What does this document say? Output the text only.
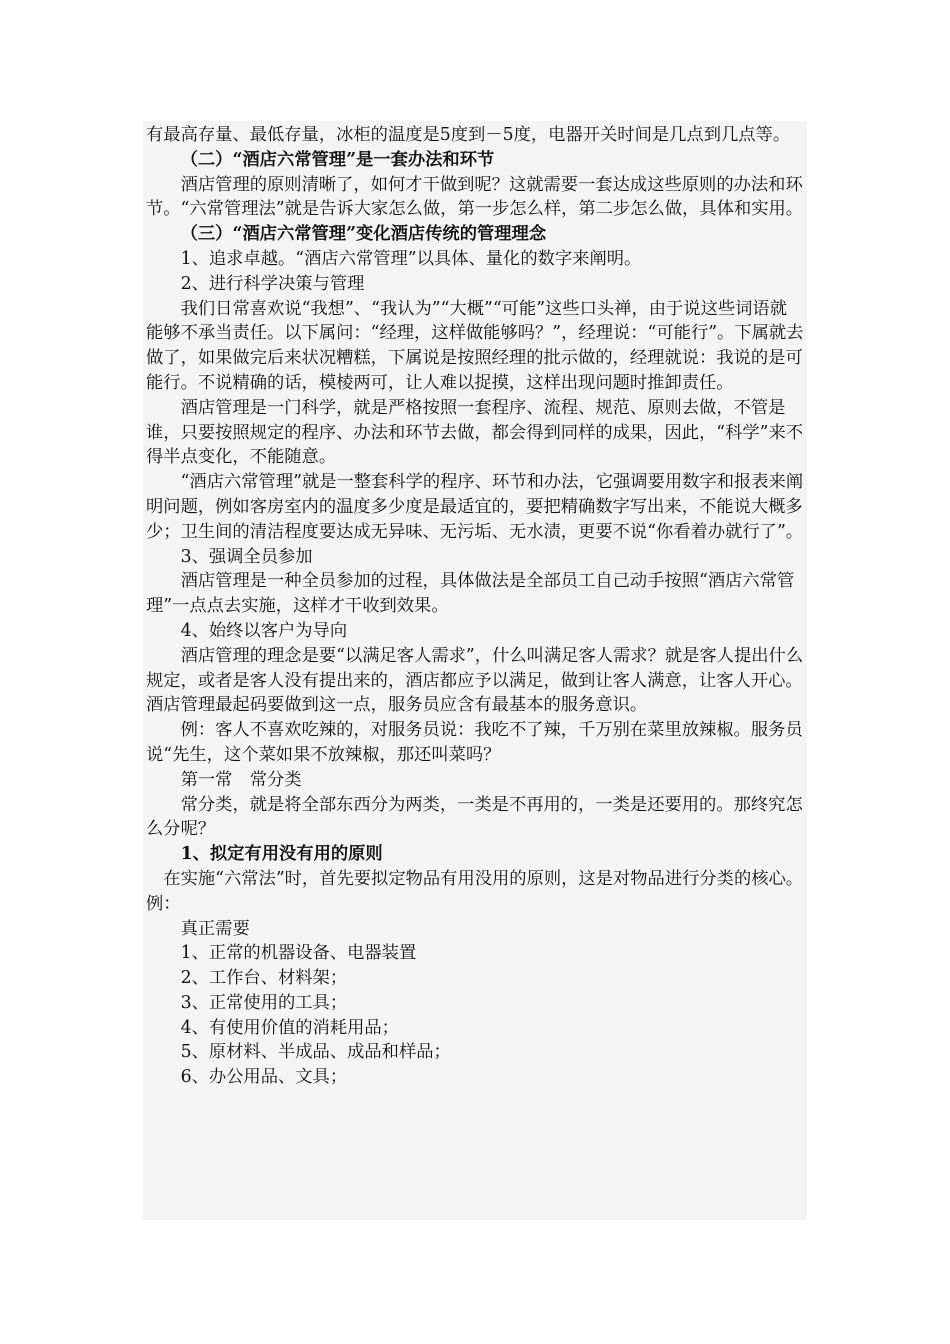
有最高存量、最低存量，冰柜的温度是5度到－5度，电器开关时间是几点到几点等。

（二）“酒店六常管理”是一套办法和环节

酒店管理的原则清晰了，如何才干做到呢？这就需要一套达成这些原则的办法和环节。“六常管理法”就是告诉大家怎么做，第一步怎么样，第二步怎么做，具体和实用。

（三）“酒店六常管理”变化酒店传统的管理理念

1、追求卓越。“酒店六常管理”以具体、量化的数字来阐明。

2、进行科学决策与管理

我们日常喜欢说“我想”、“我认为”“大概”“可能”这些口头禅，由于说这些词语就能够不承当责任。以下属问：“经理，这样做能够吗？”，经理说：“可能行”。下属就去做了，如果做完后来状况糟糕，下属说是按照经理的批示做的，经理就说：我说的是可能行。不说精确的话，模棱两可，让人难以捉摸，这样出现问题时推卸责任。

酒店管理是一门科学，就是严格按照一套程序、流程、规范、原则去做，不管是谁，只要按照规定的程序、办法和环节去做，都会得到同样的成果，因此，“科学”来不得半点变化，不能随意。

“酒店六常管理”就是一整套科学的程序、环节和办法，它强调要用数字和报表来阐明问题，例如客房室内的温度多少度是最适宜的，要把精确数字写出来，不能说大概多少；卫生间的清洁程度要达成无异味、无污垢、无水渍，更要不说“你看着办就行了”。

3、强调全员参加

酒店管理是一种全员参加的过程，具体做法是全部员工自己动手按照“酒店六常管理”一点点去实施，这样才干收到效果。

4、始终以客户为导向

酒店管理的理念是要“以满足客人需求”，什么叫满足客人需求？就是客人提出什么规定，或者是客人没有提出来的，酒店都应予以满足，做到让客人满意，让客人开心。酒店管理最起码要做到这一点，服务员应含有最基本的服务意识。

例：客人不喜欢吃辣的，对服务员说：我吃不了辣，千万别在菜里放辣椒。服务员说“先生，这个菜如果不放辣椒，那还叫菜吗？

第一常　常分类

常分类，就是将全部东西分为两类，一类是不再用的，一类是还要用的。那终究怎么分呢？

1、拟定有用没有用的原则

在实施“六常法”时，首先要拟定物品有用没用的原则，这是对物品进行分类的核心。例：

真正需要

1、正常的机器设备、电器装置

2、工作台、材料架；

3、正常使用的工具；

4、有使用价值的消耗用品；

5、原材料、半成品、成品和样品；

6、办公用品、文具；
